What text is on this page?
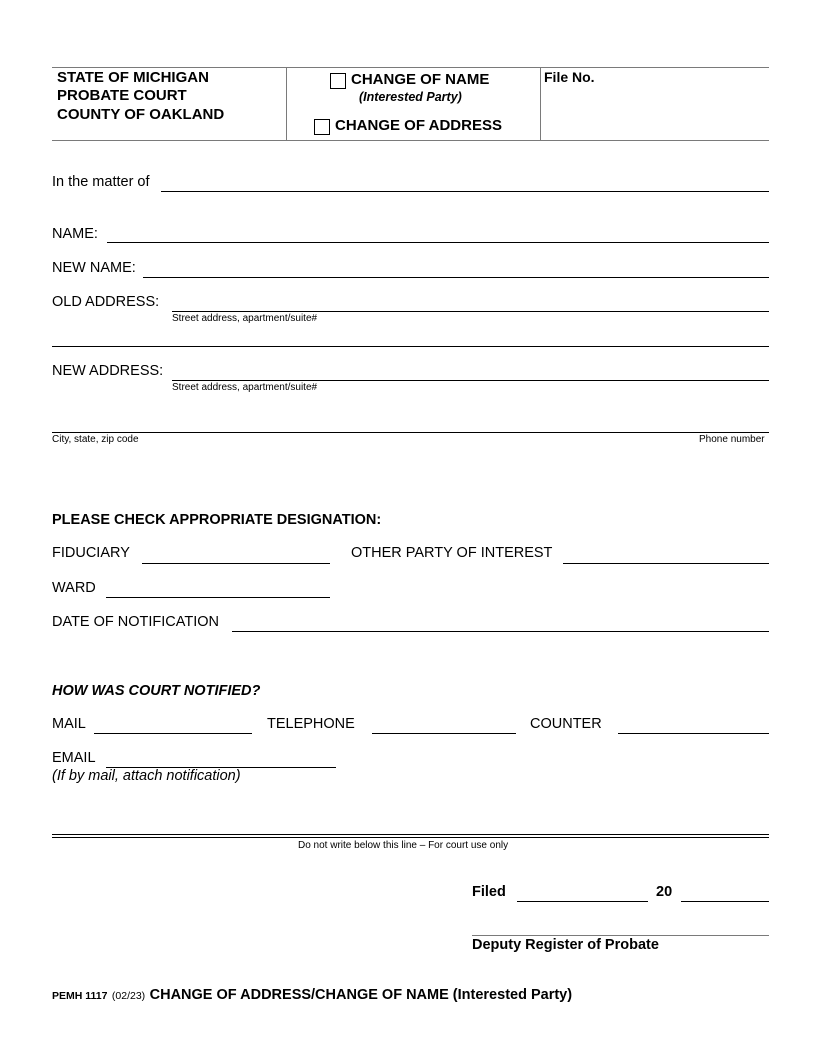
STATE OF MICHIGAN
PROBATE COURT
COUNTY OF OAKLAND
CHANGE OF NAME
(Interested Party)
CHANGE OF ADDRESS
File No.
In the matter of
NAME:
NEW NAME:
OLD ADDRESS:
Street address, apartment/suite#
NEW ADDRESS:
Street address, apartment/suite#
City, state, zip code	Phone number
PLEASE CHECK APPROPRIATE DESIGNATION:
FIDUCIARY	OTHER PARTY OF INTEREST
WARD
DATE OF NOTIFICATION
HOW WAS COURT NOTIFIED?
MAIL	TELEPHONE	COUNTER
EMAIL
(If by mail, attach notification)
Do not write below this line – For court use only
Filed	20
Deputy Register of Probate
PEMH 1117 (02/23) CHANGE OF ADDRESS/CHANGE OF NAME (Interested Party)
